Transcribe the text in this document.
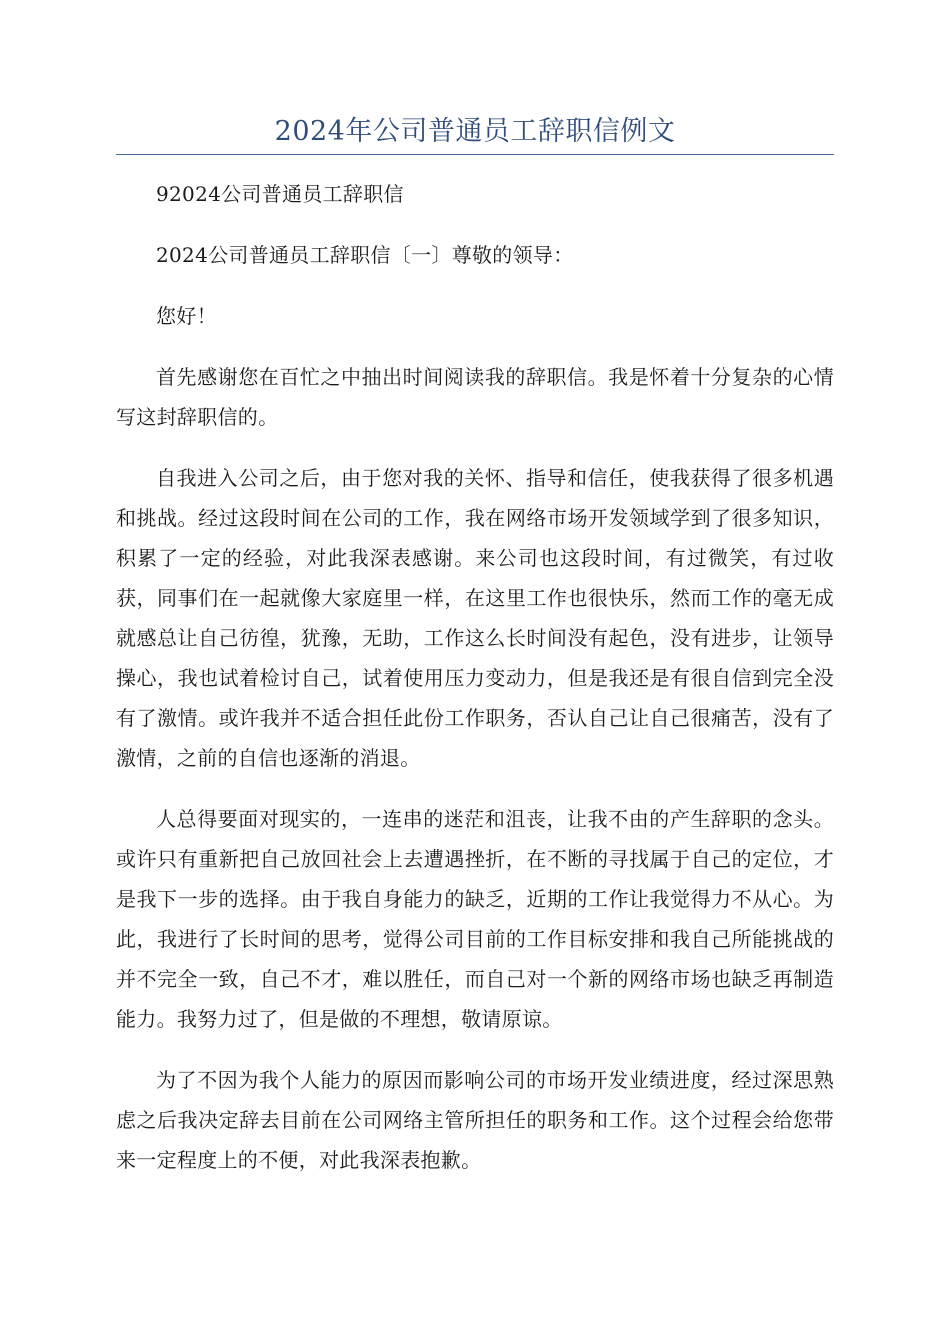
2024年公司普通员工辞职信例文

92024公司普通员工辞职信

2024公司普通员工辞职信〔一〕尊敬的领导：

您好！

首先感谢您在百忙之中抽出时间阅读我的辞职信。我是怀着十分复杂的心情写这封辞职信的。

自我进入公司之后，由于您对我的关怀、指导和信任，使我获得了很多机遇和挑战。经过这段时间在公司的工作，我在网络市场开发领域学到了很多知识，积累了一定的经验，对此我深表感谢。来公司也这段时间，有过微笑，有过收获，同事们在一起就像大家庭里一样，在这里工作也很快乐，然而工作的毫无成就感总让自己彷徨，犹豫，无助，工作这么长时间没有起色，没有进步，让领导操心，我也试着检讨自己，试着使用压力变动力，但是我还是有很自信到完全没有了激情。或许我并不适合担任此份工作职务，否认自己让自己很痛苦，没有了激情，之前的自信也逐渐的消退。

人总得要面对现实的，一连串的迷茫和沮丧，让我不由的产生辞职的念头。或许只有重新把自己放回社会上去遭遇挫折，在不断的寻找属于自己的定位，才是我下一步的选择。由于我自身能力的缺乏，近期的工作让我觉得力不从心。为此，我进行了长时间的思考，觉得公司目前的工作目标安排和我自己所能挑战的并不完全一致，自己不才，难以胜任，而自己对一个新的网络市场也缺乏再制造能力。我努力过了，但是做的不理想，敬请原谅。

为了不因为我个人能力的原因而影响公司的市场开发业绩进度，经过深思熟虑之后我决定辞去目前在公司网络主管所担任的职务和工作。这个过程会给您带来一定程度上的不便，对此我深表抱歉。
